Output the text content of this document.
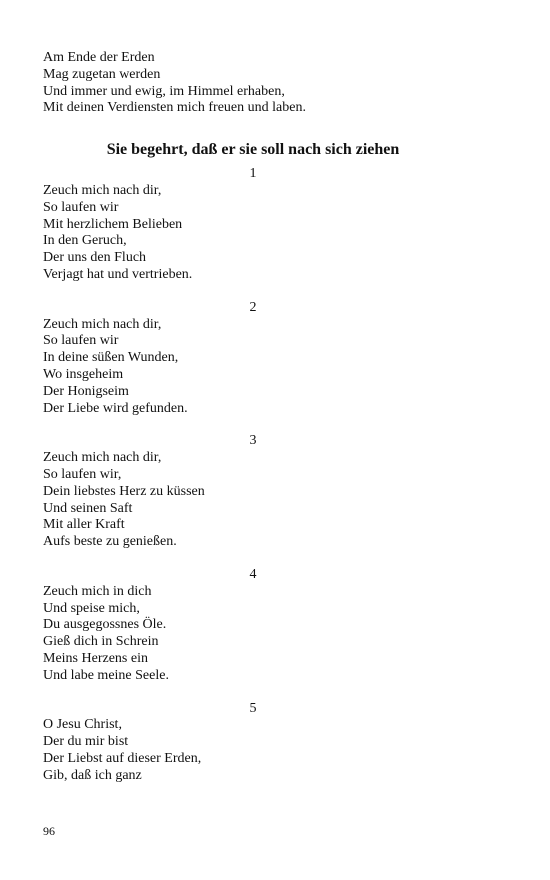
Am Ende der Erden
Mag zugetan werden
Und immer und ewig, im Himmel erhaben,
Mit deinen Verdiensten mich freuen und laben.
Sie begehrt, daß er sie soll nach sich ziehen
1
Zeuch mich nach dir,
So laufen wir
Mit herzlichem Belieben
In den Geruch,
Der uns den Fluch
Verjagt hat und vertrieben.
2
Zeuch mich nach dir,
So laufen wir
In deine süßen Wunden,
Wo insgeheim
Der Honigseim
Der Liebe wird gefunden.
3
Zeuch mich nach dir,
So laufen wir,
Dein liebstes Herz zu küssen
Und seinen Saft
Mit aller Kraft
Aufs beste zu genießen.
4
Zeuch mich in dich
Und speise mich,
Du ausgegossnes Öle.
Gieß dich in Schrein
Meins Herzens ein
Und labe meine Seele.
5
O Jesu Christ,
Der du mir bist
Der Liebst auf dieser Erden,
Gib, daß ich ganz
96
